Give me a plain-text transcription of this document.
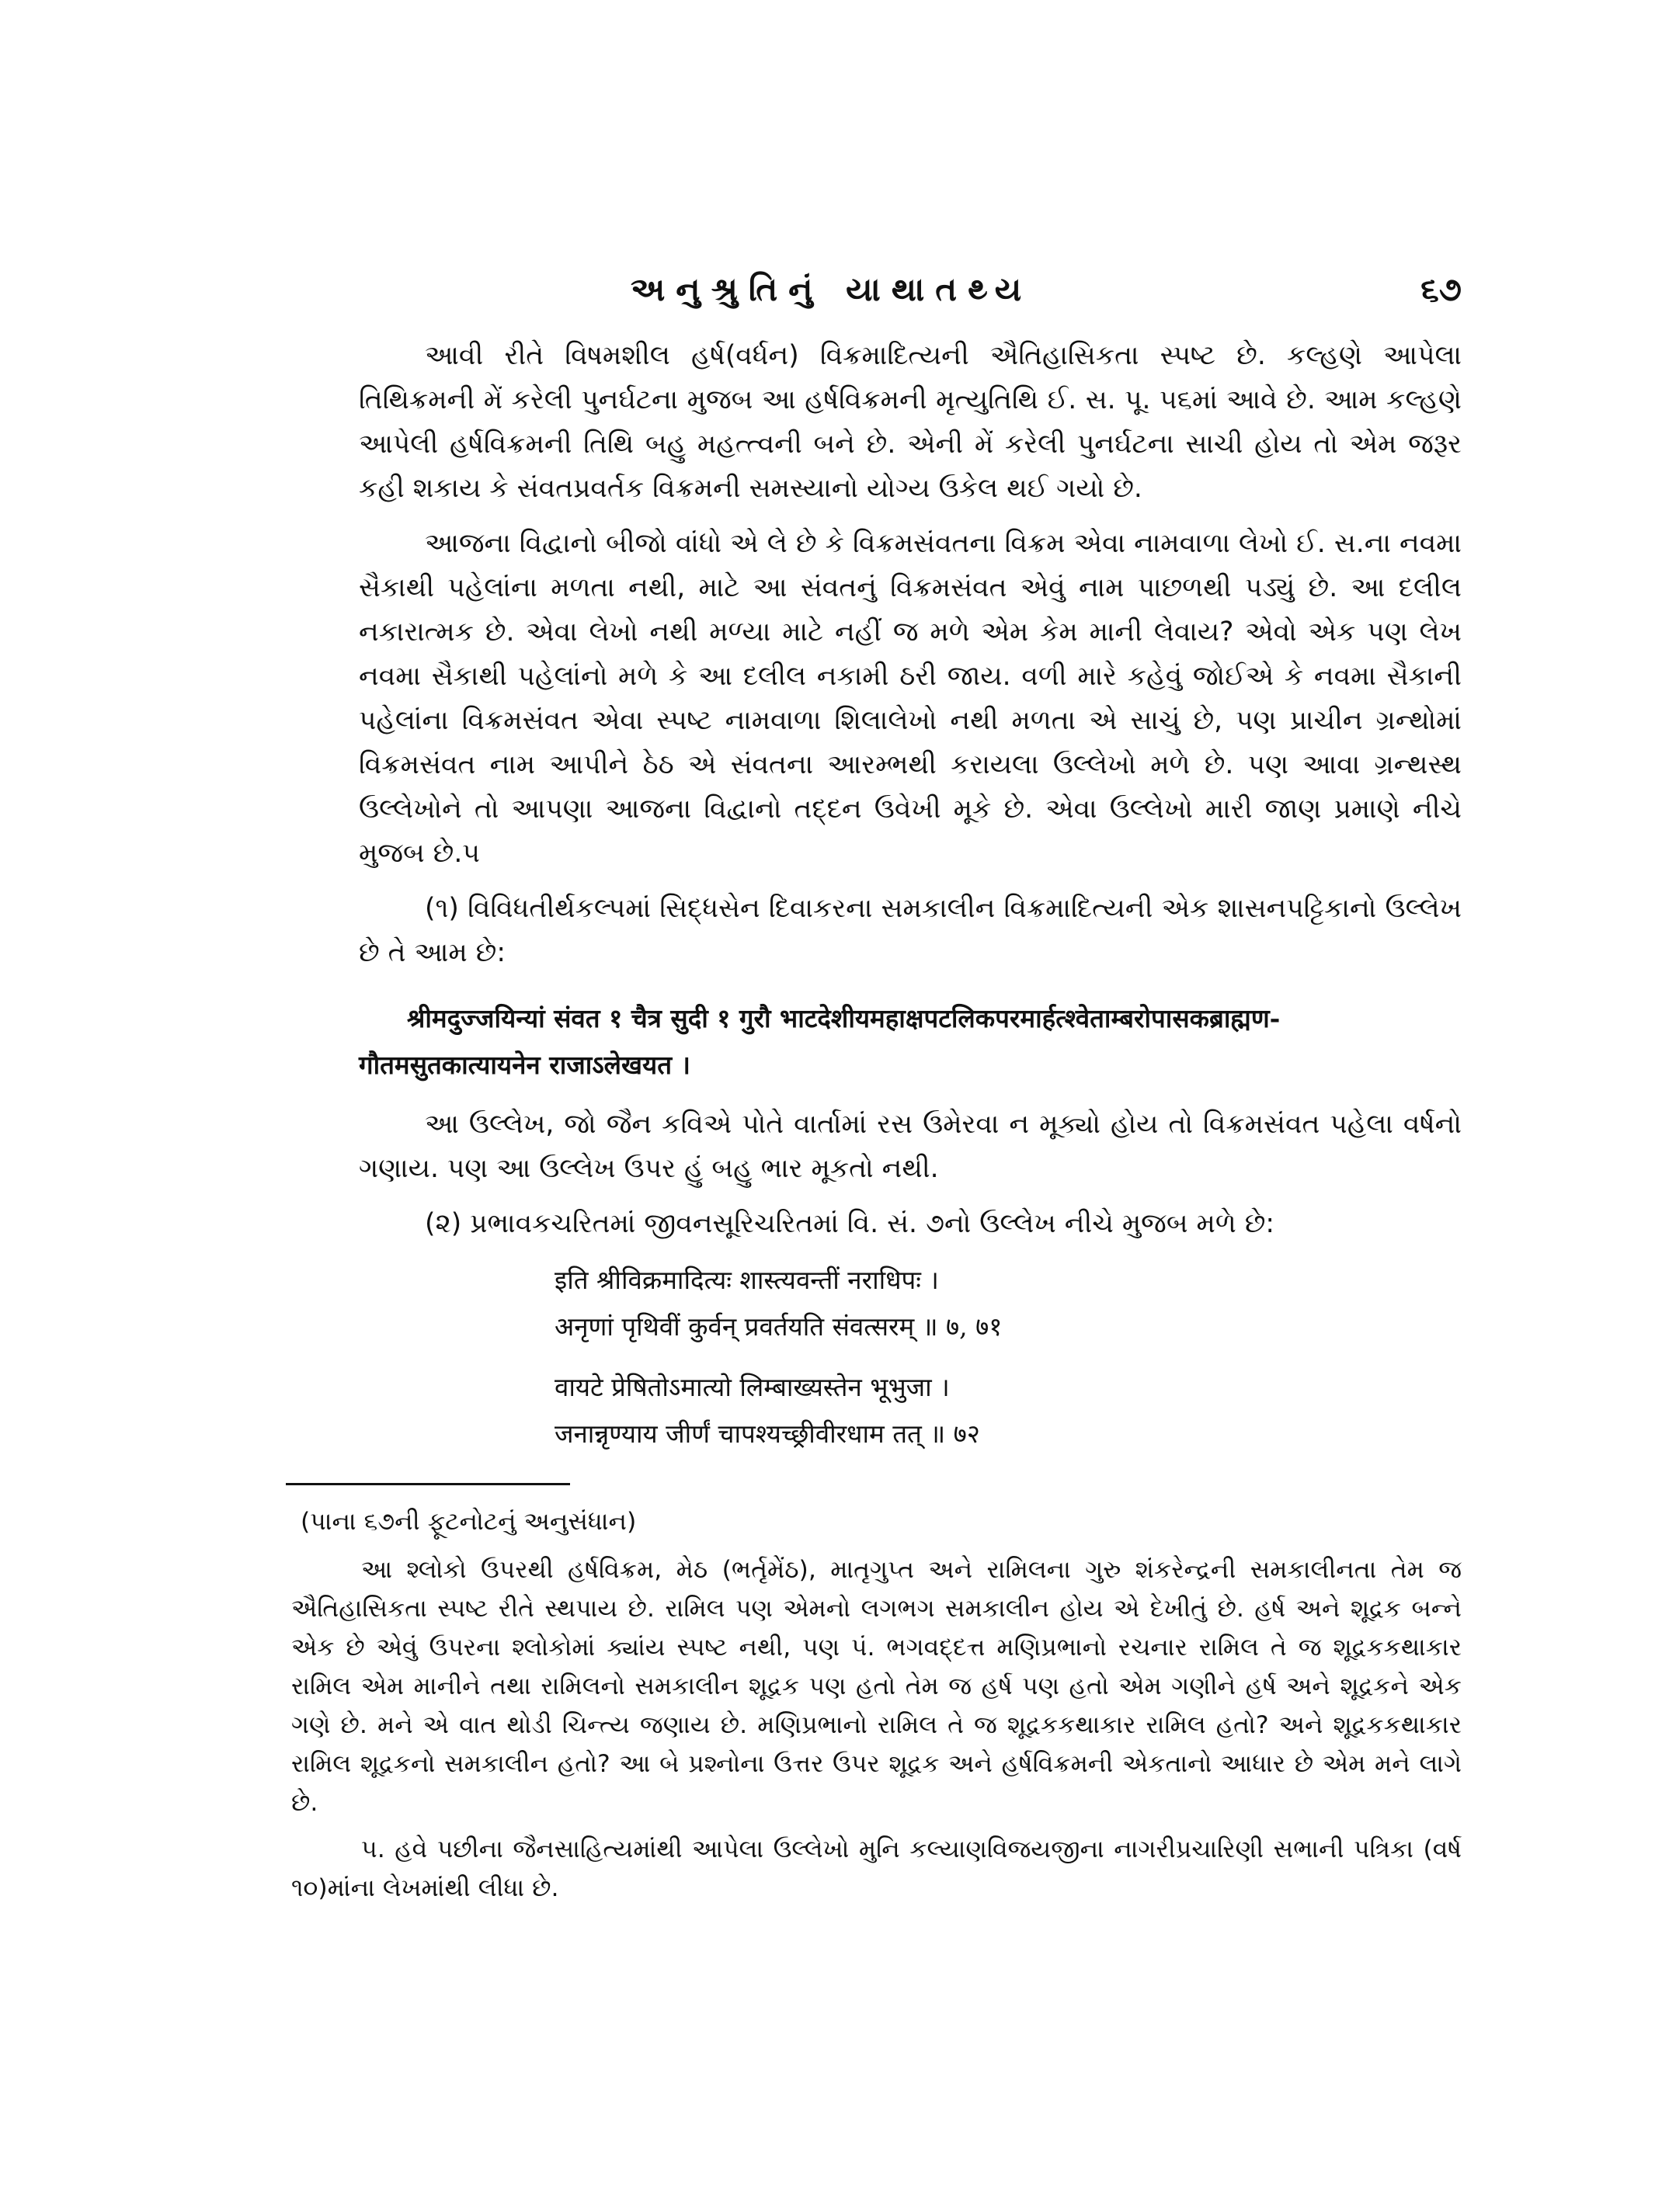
અનુશ્રુતિનું યાથાતથ્ય	૬૭

આવી રીતે વિષમશીલ હર્ષ(વર્ધન) વિક્રમાદિત્યની ઐતિહાસિકતા સ્પષ્ટ છે. કલ્હણે આપેલા તિથિક્રમની મેં કરેલી પુનર્ઘટના મુજબ આ હર્ષવિક્રમની મૃત્યુતિથિ ઈ. સ. પૂ. ૫૬માં આવે છે. આમ કલ્હણે આપેલી હર્ષવિક્રમની તિથિ બહુ મહત્ત્વની બને છે. એની મેં કરેલી પુનર્ઘટના સાચી હોય તો એમ જરૂર કહી શકાય કે સંવતપ્રવર્તક વિક્રમની સમસ્યાનો યોગ્ય ઉકેલ થઈ ગયો છે.

આજના વિદ્વાનો બીજો વાંધો એ લે છે કે વિક્રમસંવતના વિક્રમ એવા નામવાળા લેખો ઈ. સ.ના નવમા સૈકાથી પહેલાંના મળતા નથી, માટે આ સંવતનું વિક્રમસંવત એવું નામ પાછળથી પડ્યું છે. આ દલીલ નકારાત્મક છે. એવા લેખો નથી મળ્યા માટે નહીં જ મળે એમ કેમ માની લેવાય? એવો એક પણ લેખ નવમા સૈકાથી પહેલાંનો મળે કે આ દલીલ નકામી ઠરી જાય. વળી મારે કહેવું જોઈએ કે નવમા સૈકાની પહેલાંના વિક્રમસંવત એવા સ્પષ્ટ નામવાળા શિલાલેખો નથી મળતા એ સાચું છે, પણ પ્રાચીન ગ્રન્થોમાં વિક્રમસંવત નામ આપીને ઠેઠ એ સંવતના આરમ્ભથી કરાયલા ઉલ્લેખો મળે છે. પણ આવા ગ્રન્થસ્થ ઉલ્લેખોને તો આપણા આજના વિદ્વાનો તદ્દન ઉવેખી મૂકે છે. એવા ઉલ્લેખો મારી જાણ પ્રમાણે નીચે મુજબ છે.૫

(૧) વિવિધતીર્થકલ્પમાં સિદ્ધસેન દિવાકરના સમકાલીન વિક્રમાદિત્યની એક શાસનપટ્ટિકાનો ઉલ્લેખ છે તે આમ છે:

श्रीमदुज्जयिन्यां संवत १ चैत्र सुदी १ गुरौ भाटदेशीयमहाक्षपटलिकपरमार्हत्श्वेताम्बरोपासकब्राह्मण- गौतमसुतकात्यायनेन राजाऽलेखयत ।

આ ઉલ્લેખ, જો જૈન કવિએ પોતે વાર્તામાં રસ ઉમેરવા ન મૂક્યો હોય તો વિક્રમસંવત પહેલા વર્ષનો ગણાય. પણ આ ઉલ્લેખ ઉપર હું બહુ ભાર મૂકતો નથી.

(૨) પ્રભાવકચરિતમાં જીવનસૂરિચરિતમાં વિ. સં. ૭નો ઉલ્લેખ નીચે મુજબ મળે છે:

इति श्रीविक्रमादित्यः शास्त्यवन्तीं नराधिपः ।
अनृणां पृथिवीं कुर्वन् प्रवर्तयति संवत्सरम् ॥ ७, ७१
वायटे प्रेषितोऽमात्यो लिम्बाख्यस्तेन भूभुजा ।
जनान्नृण्याय जीर्णं चापश्यच्छ्रीवीरधाम तत् ॥ ७२
(પાના ૬૭ની ફૂટનોટનું અનુસંધાન)

આ શ્લોકો ઉપરથી હર્ષવિક્રમ, મેઠ (ભર્તૃમેંઠ), માતૃગુપ્ત અને રામિલના ગુરુ શંકરેન્દ્રની સમકાલીનતા તેમ જ ઐતિહાસિકતા સ્પષ્ટ રીતે સ્થપાય છે. રામિલ પણ એમનો લગભગ સમકાલીન હોય એ દેખીતું છે. હર્ષ અને શૂદ્રક બન્ને એક છે એવું ઉપરના શ્લોકોમાં ક્યાંય સ્પષ્ટ નથી, પણ પં. ભગવદ્દત્ત મણિપ્રભાનો રચનાર રામિલ તે જ શૂદ્રકકથાકાર રામિલ એમ માનીને તથા રામિલનો સમકાલીન શૂદ્રક પણ હતો તેમ જ હર્ષ પણ હતો એમ ગણીને હર્ષ અને શૂદ્રકને એક ગણે છે. મને એ વાત થોડી ચિન્ત્ય જણાય છે. મણિપ્રભાનો રામિલ તે જ શૂદ્રકકથાકાર રામિલ હતો? અને શૂદ્રકકથાકાર રામિલ શૂદ્રકનો સમકાલીન હતો? આ બે પ્રશ્નોના ઉત્તર ઉપર શૂદ્રક અને હર્ષવિક્રમની એકતાનો આધાર છે એમ મને લાગે છે.

૫. હવે પછીના જૈનસાહિત્યમાંથી આપેલા ઉલ્લેખો મુનિ કલ્યાણવિજયજીના નાગરીપ્રચારિણી સભાની પત્રિકા (વર્ષ ૧૦)માંના લેખમાંથી લીધા છે.
